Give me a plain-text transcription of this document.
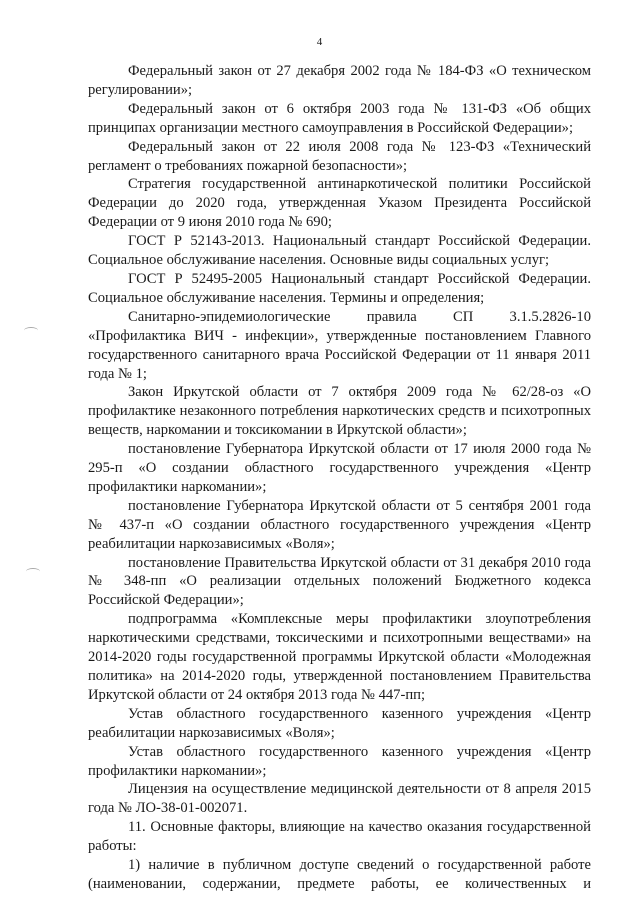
4

Федеральный закон от 27 декабря 2002 года № 184-ФЗ «О техническом регулировании»;

Федеральный закон от 6 октября 2003 года № 131-ФЗ «Об общих принципах организации местного самоуправления в Российской Федерации»;

Федеральный закон от 22 июля 2008 года № 123-ФЗ «Технический регламент о требованиях пожарной безопасности»;

Стратегия государственной антинаркотической политики Российской Федерации до 2020 года, утвержденная Указом Президента Российской Федерации от 9 июня 2010 года № 690;

ГОСТ Р 52143-2013. Национальный стандарт Российской Федерации. Социальное обслуживание населения. Основные виды социальных услуг;

ГОСТ Р 52495-2005 Национальный стандарт Российской Федерации. Социальное обслуживание населения. Термины и определения;

Санитарно-эпидемиологические правила СП 3.1.5.2826-10 «Профилактика ВИЧ - инфекции», утвержденные постановлением Главного государственного санитарного врача Российской Федерации от 11 января 2011 года № 1;

Закон Иркутской области от 7 октября 2009 года № 62/28-оз «О профилактике незаконного потребления наркотических средств и психотропных веществ, наркомании и токсикомании в Иркутской области»;

постановление Губернатора Иркутской области от 17 июля 2000 года № 295-п «О создании областного государственного учреждения «Центр профилактики наркомании»;

постановление Губернатора Иркутской области от 5 сентября 2001 года № 437-п «О создании областного государственного учреждения «Центр реабилитации наркозависимых «Воля»;

постановление Правительства Иркутской области от 31 декабря 2010 года № 348-пп «О реализации отдельных положений Бюджетного кодекса Российской Федерации»;

подпрограмма «Комплексные меры профилактики злоупотребления наркотическими средствами, токсическими и психотропными веществами» на 2014-2020 годы государственной программы Иркутской области «Молодежная политика» на 2014-2020 годы, утвержденной постановлением Правительства Иркутской области от 24 октября 2013 года № 447-пп;

Устав областного государственного казенного учреждения «Центр реабилитации наркозависимых «Воля»;

Устав областного государственного казенного учреждения «Центр профилактики наркомании»;

Лицензия на осуществление медицинской деятельности от 8 апреля 2015 года № ЛО-38-01-002071.

11. Основные факторы, влияющие на качество оказания государственной работы:

1) наличие в публичном доступе сведений о государственной работе (наименовании, содержании, предмете работы, ее количественных и
